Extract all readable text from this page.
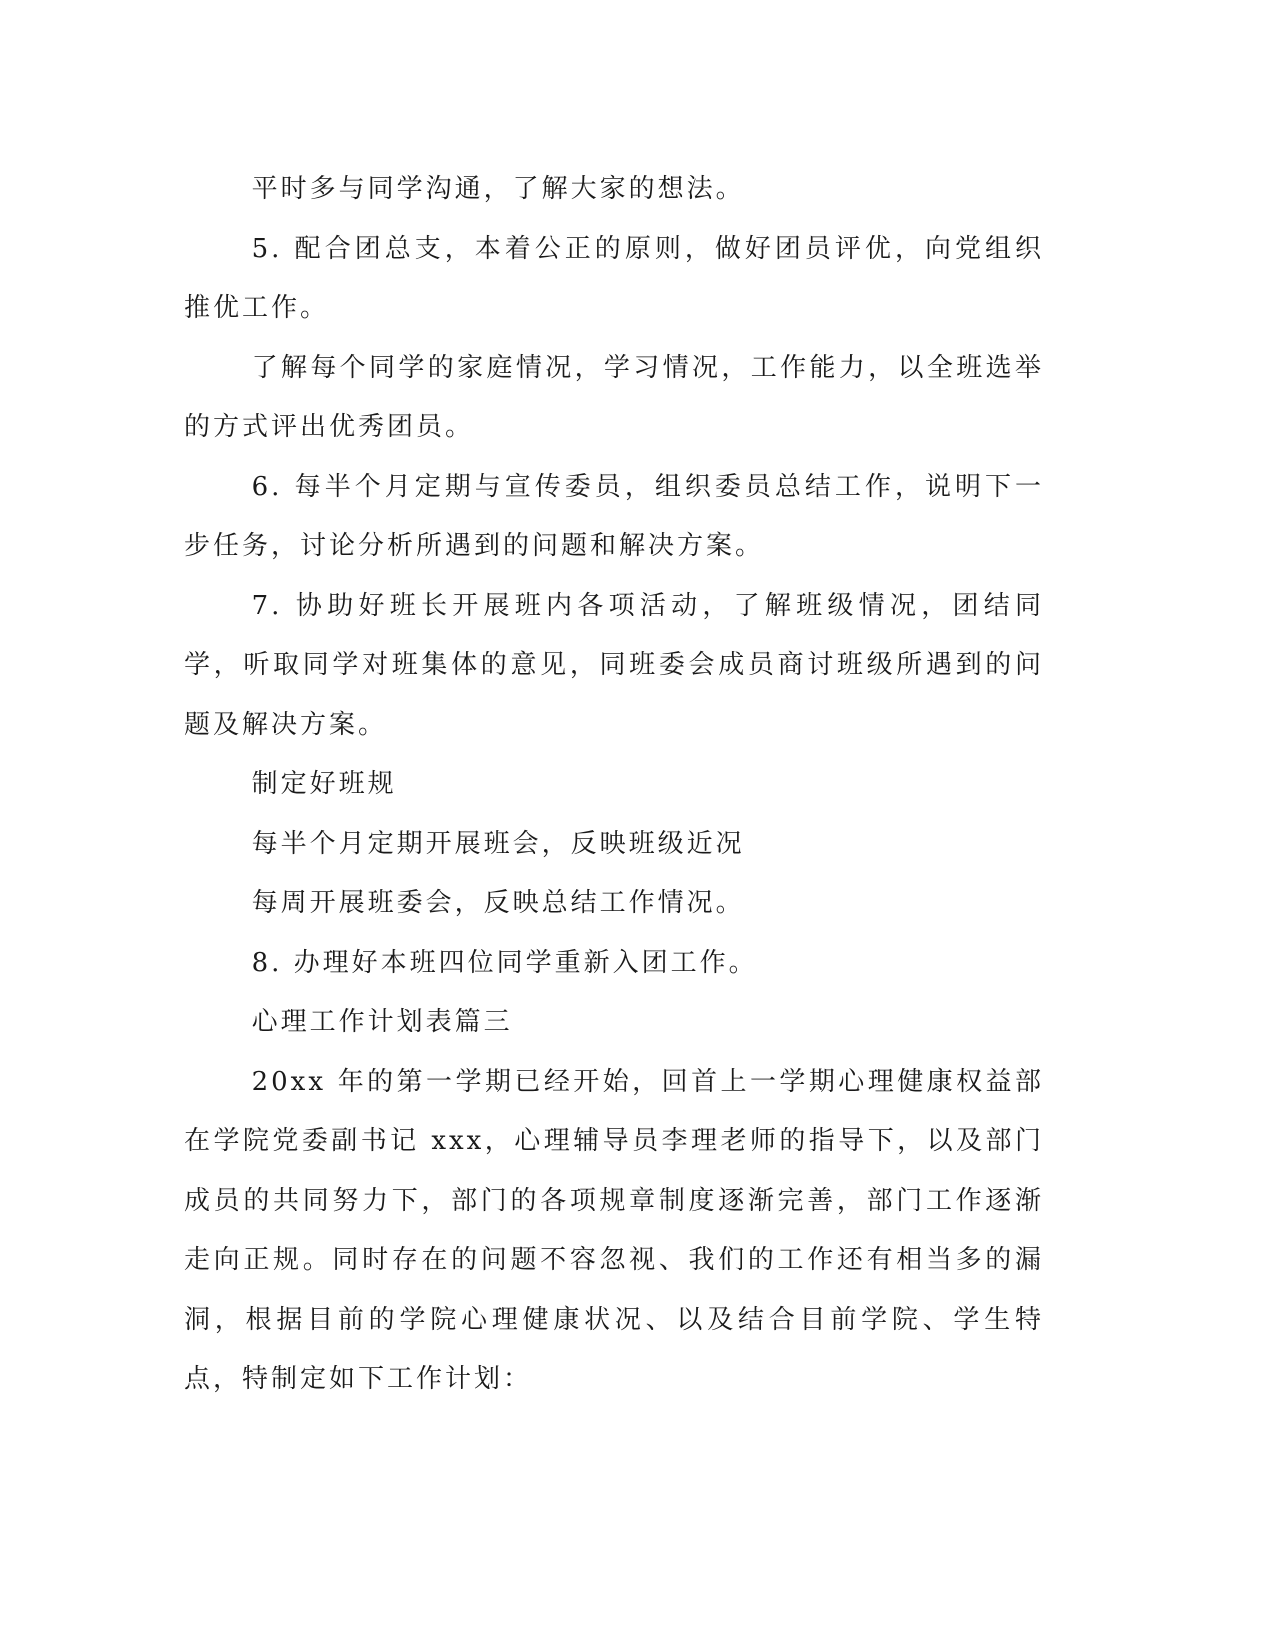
平时多与同学沟通，了解大家的想法。

5. 配合团总支，本着公正的原则，做好团员评优，向党组织推优工作。

了解每个同学的家庭情况，学习情况，工作能力，以全班选举的方式评出优秀团员。

6. 每半个月定期与宣传委员，组织委员总结工作，说明下一步任务，讨论分析所遇到的问题和解决方案。

7. 协助好班长开展班内各项活动，了解班级情况，团结同学，听取同学对班集体的意见，同班委会成员商讨班级所遇到的问题及解决方案。

制定好班规

每半个月定期开展班会，反映班级近况

每周开展班委会，反映总结工作情况。

8. 办理好本班四位同学重新入团工作。

心理工作计划表篇三

20xx 年的第一学期已经开始，回首上一学期心理健康权益部在学院党委副书记 xxx，心理辅导员李理老师的指导下，以及部门成员的共同努力下，部门的各项规章制度逐渐完善，部门工作逐渐走向正规。同时存在的问题不容忽视、我们的工作还有相当多的漏洞，根据目前的学院心理健康状况、以及结合目前学院、学生特点，特制定如下工作计划：
